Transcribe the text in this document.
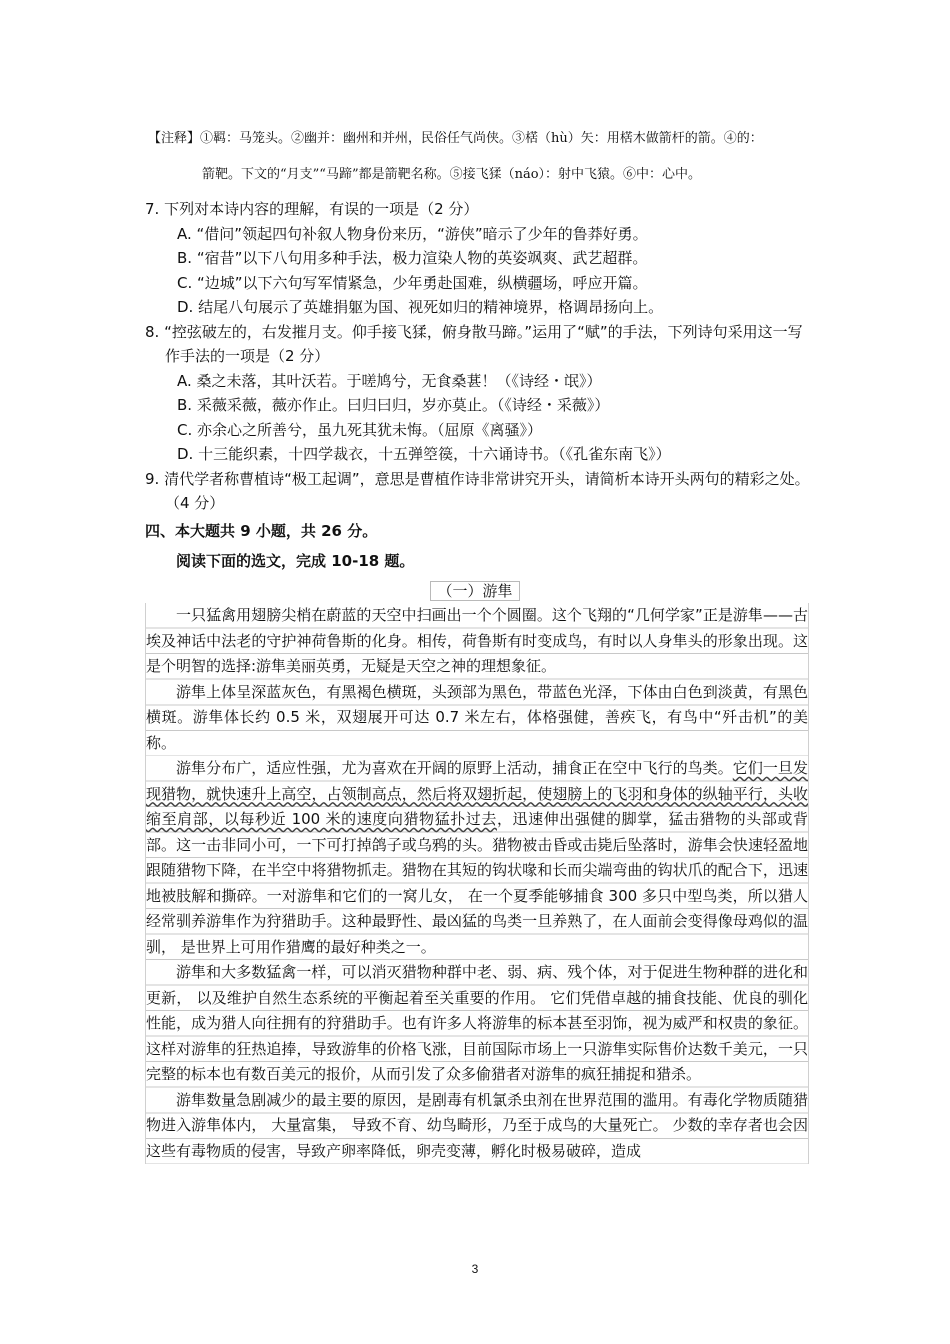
【注释】①羁：马笼头。②幽并：幽州和并州，民俗任气尚侠。③楛（hù）矢：用楛木做箭杆的箭。④的：
箭靶。下文的“月支”“马蹄”都是箭靶名称。⑤接飞猱（náo）：射中飞猿。⑥中：心中。
7. 下列对本诗内容的理解，有误的一项是（2 分）
A. “借问”领起四句补叙人物身份来历，“游侠”暗示了少年的鲁莽好勇。
B. “宿昔”以下八句用多种手法，极力渲染人物的英姿飒爽、武艺超群。
C. “边城”以下六句写军情紧急，少年勇赴国难，纵横疆场，呼应开篇。
D. 结尾八句展示了英雄捐躯为国、视死如归的精神境界，格调昂扬向上。
8. “控弦破左的，右发摧月支。仰手接飞猱，俯身散马蹄。”运用了“赋”的手法，下列诗句采用这一写作手法的一项是（2 分）
A. 桑之未落，其叶沃若。于嗟鸠兮，无食桑葚！（《诗经・氓》）
B. 采薇采薇，薇亦作止。曰归曰归，岁亦莫止。（《诗经・采薇》）
C. 亦余心之所善兮，虽九死其犹未悔。（屈原《离骚》）
D. 十三能织素，十四学裁衣，十五弹箜篌，十六诵诗书。（《孔雀东南飞》）
9. 清代学者称曹植诗“极工起调”，意思是曹植作诗非常讲究开头，请简析本诗开头两句的精彩之处。（4 分）
四、本大题共 9 小题，共 26 分。
阅读下面的选文，完成 10-18 题。
（一）游隼

一只猛禽用翅膀尖梢在蔚蓝的天空中扫画出一个个圆圈。这个飞翔的“几何学家”正是游隼——古埃及神话中法老的守护神荷鲁斯的化身。相传，荷鲁斯有时变成鸟，有时以人身隼头的形象出现。这是个明智的选择:游隼美丽英勇，无疑是天空之神的理想象征。

游隼上体呈深蓝灰色，有黑褐色横斑，头颈部为黑色，带蓝色光泽，下体由白色到淡黄，有黑色横斑。游隼体长约 0.5 米，双翅展开可达 0.7 米左右，体格强健，善疾飞，有鸟中“歼击机”的美称。

游隼分布广，适应性强，尤为喜欢在开阔的原野上活动，捕食正在空中飞行的鸟类。它们一旦发现猎物，就快速升上高空，占领制高点，然后将双翅折起，使翅膀上的飞羽和身体的纵轴平行，头收缩至肩部，以每秒近 100 米的速度向猎物猛扑过去，迅速伸出强健的脚掌，猛击猎物的头部或背部。这一击非同小可，一下可打掉鸽子或乌鸦的头。猎物被击昏或击毙后坠落时，游隼会快速轻盈地跟随猎物下降，在半空中将猎物抓走。猎物在其短的钩状喙和长而尖端弯曲的钩状爪的配合下，迅速地被肢解和撕碎。一对游隼和它们的一窝儿女， 在一个夏季能够捕食 300 多只中型鸟类，所以猎人经常驯养游隼作为狩猎助手。这种最野性、最凶猛的鸟类一旦养熟了，在人面前会变得像母鸡似的温驯， 是世界上可用作猎鹰的最好种类之一。

游隼和大多数猛禽一样，可以消灭猎物种群中老、弱、病、残个体，对于促进生物种群的进化和更新， 以及维护自然生态系统的平衡起着至关重要的作用。 它们凭借卓越的捕食技能、优良的驯化性能，成为猎人向往拥有的狩猎助手。也有许多人将游隼的标本甚至羽饰，视为威严和权贵的象征。这样对游隼的狂热追捧，导致游隼的价格飞涨，目前国际市场上一只游隼实际售价达数千美元，一只完整的标本也有数百美元的报价，从而引发了众多偷猎者对游隼的疯狂捕捉和猎杀。

游隼数量急剧减少的最主要的原因，是剧毒有机氯杀虫剂在世界范围的滥用。有毒化学物质随猎物进入游隼体内， 大量富集， 导致不育、幼鸟畸形，乃至于成鸟的大量死亡。 少数的幸存者也会因这些有毒物质的侵害，导致产卵率降低，卵壳变薄，孵化时极易破碎，造成

3
